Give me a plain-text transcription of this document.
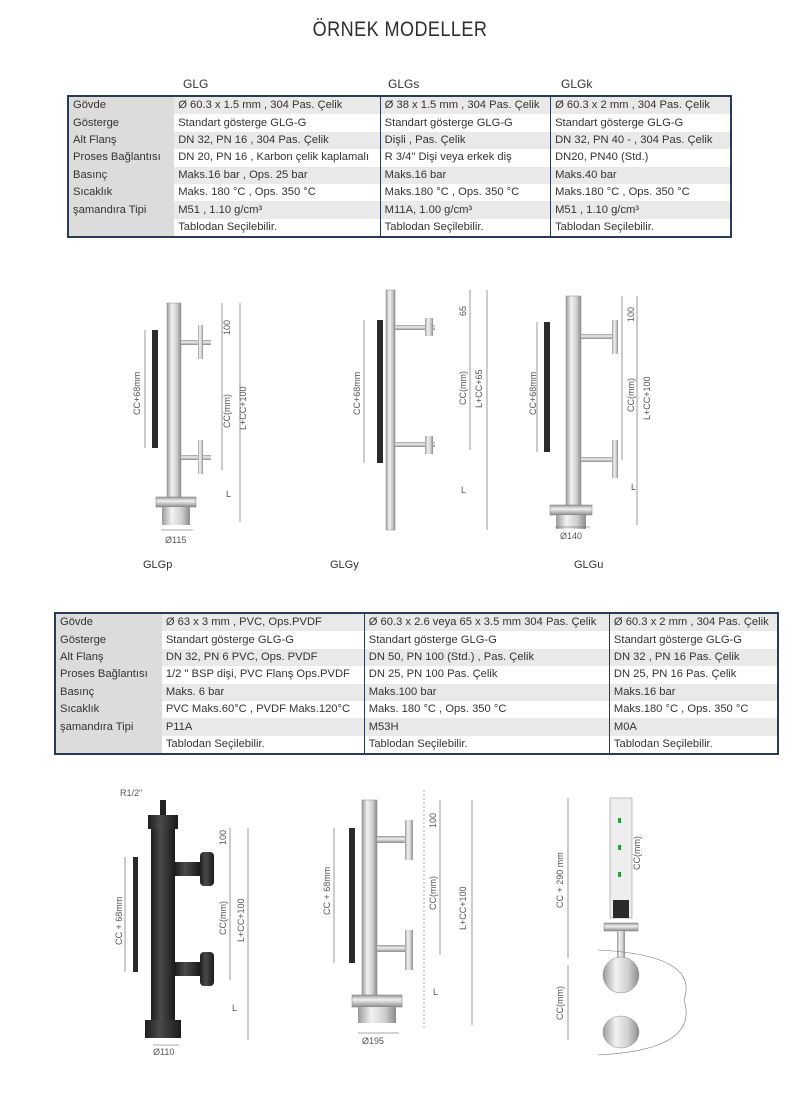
ÖRNEK MODELLER
GLG	GLGs	GLGk
Gövde	Ø 60.3 x 1.5 mm , 304 Pas. Çelik	Ø 38 x 1.5 mm , 304 Pas. Çelik	Ø 60.3 x 2 mm , 304 Pas. Çelik
Gösterge	Standart gösterge GLG-G	Standart gösterge GLG-G	Standart gösterge GLG-G
Alt Flanş	DN 32, PN 16 , 304 Pas. Çelik	Dişli , Pas. Çelik	DN 32, PN 40 - , 304 Pas. Çelik
Proses Bağlantısı	DN 20, PN 16 , Karbon çelik kaplamalı	R 3/4" Dişi veya erkek diş	DN20, PN40 (Std.)
Basınç	Maks.16 bar , Ops. 25 bar	Maks.16 bar	Maks.40 bar
Sıcaklık	Maks. 180 °C , Ops. 350 °C	Maks.180 °C , Ops. 350 °C	Maks.180 °C , Ops. 350 °C
şamandıra Tipi	M51 , 1.10 g/cm³	M11A, 1.00 g/cm³	M51 , 1.10 g/cm³
	Tablodan Seçilebilir.	Tablodan Seçilebilir.	Tablodan Seçilebilir.
Gövde	Ø 63 x 3 mm , PVC, Ops.PVDF	Ø 60.3 x 2.6 veya 65 x 3.5 mm 304 Pas. Çelik	Ø 60.3 x 2 mm , 304 Pas. Çelik
Gösterge	Standart gösterge GLG-G	Standart gösterge GLG-G	Standart gösterge GLG-G
Alt Flanş	DN 32, PN 6 PVC, Ops. PVDF	DN 50, PN 100 (Std.) , Pas. Çelik	DN 32 , PN 16 Pas. Çelik
Proses Bağlantısı	1/2 " BSP dişi, PVC Flanş Ops.PVDF	DN 25, PN 100 Pas. Çelik	DN 25, PN 16 Pas. Çelik
Basınç	Maks. 6 bar	Maks.100 bar	Maks.16 bar
Sıcaklık	PVC Maks.60°C , PVDF Maks.120°C	Maks. 180 °C , Ops. 350 °C	Maks.180 °C , Ops. 350 °C
şamandıra Tipi	P11A	M53H	M0A
	Tablodan Seçilebilir.	Tablodan Seçilebilir.	Tablodan Seçilebilir.
CC+68mm
100
CC(mm) L+CC+100
L
Ø115
CC+68mm
65
CC(mm) L+CC+65
L
CC+68mm
100
CC(mm) L+CC+100
L
Ø140
R1/2"
CC + 68mm
100
CC(mm) L+CC+100
L
Ø110
CC + 68mm
100
CC(mm) L+CC+100
L
Ø195
CC + 290 mm	CC(mm)
CC(mm)
GLGp	GLGy	GLGu
